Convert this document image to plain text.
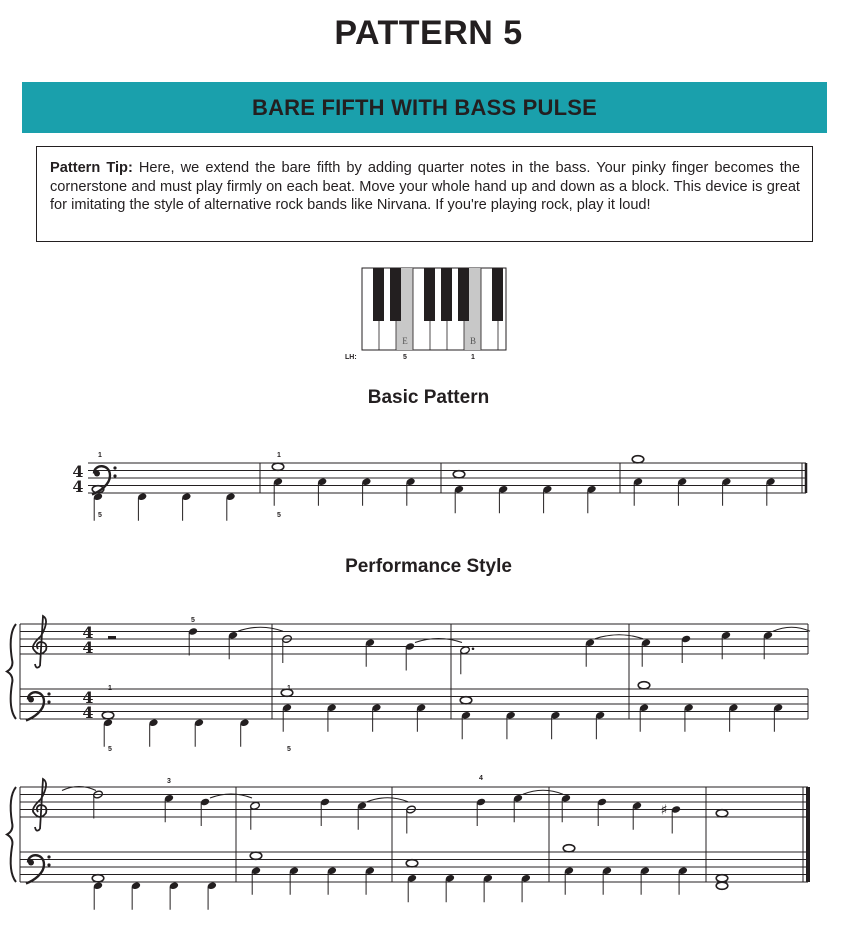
PATTERN 5
BARE FIFTH WITH BASS PULSE
Pattern Tip: Here, we extend the bare fifth by adding quarter notes in the bass. Your pinky finger becomes the cornerstone and must play firmly on each beat. Move your whole hand up and down as a block. This device is great for imitating the style of alternative rock bands like Nirvana. If you're playing rock, play it loud!
Basic Pattern
Performance Style
E	B
LH:	5	1
4
4
1	1
5	5
4
4
4
4
5
1	1
5	5
♯
3	4
